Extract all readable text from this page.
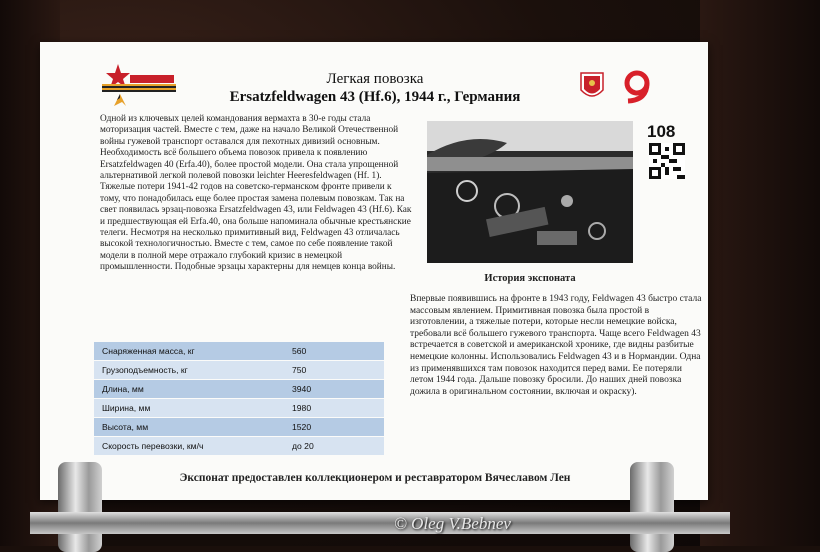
Легкая повозка
Ersatzfeldwagen 43 (Hf.6), 1944 г., Германия
108
Одной из ключевых целей командования вермахта в 30-е годы стала моторизация частей. Вместе с тем, даже на начало Великой Отечественной войны гужевой транспорт оставался для пехотных дивизий основным. Необходимость всё большего объема повозок привела к появлению Ersatzfeldwagen 40 (Erfa.40), более простой модели. Она стала упрощенной альтернативой легкой полевой повозки leichter Heeresfeldwagen (Hf. 1). Тяжелые потери 1941-42 годов на советско-германском фронте привели к тому, что понадобилась еще более простая замена полевым повозкам. Так на свет появилась эрзац-повозка Ersatzfeldwagen 43, или Feldwagen 43 (Hf.6). Как и предшествующая ей Erfa.40, она больше напоминала обычные крестьянские телеги. Несмотря на несколько примитивный вид, Feldwagen 43 отличалась высокой технологичностью. Вместе с тем, самое по себе появление такой модели в полной мере отражало глубокий кризис в немецкой промышленности. Подобные эрзацы характерны для немцев конца войны.
История экспоната
Впервые появившись на фронте в 1943 году, Feldwagen 43 быстро стала массовым явлением. Примитивная повозка была простой в изготовлении, а тяжелые потери, которые несли немецкие войска, требовали всё большего гужевого транспорта. Чаще всего Feldwagen 43 встречается в советской и американской хронике, где видны разбитые немецкие колонны. Использовались Feldwagen 43 и в Нормандии. Одна из применявшихся там повозок находится перед вами. Ее потеряли летом 1944 года. Дальше повозку бросили. До наших дней повозка дожила в оригинальном состоянии, включая и окраску).
Снаряженная масса, кг	560
Грузоподъемность, кг	750
Длина, мм	3940
Ширина, мм	1980
Высота, мм	1520
Скорость перевозки, км/ч	до 20
Экспонат предоставлен коллекционером и реставратором Вячеславом Лен
© Oleg V.Bebnev
